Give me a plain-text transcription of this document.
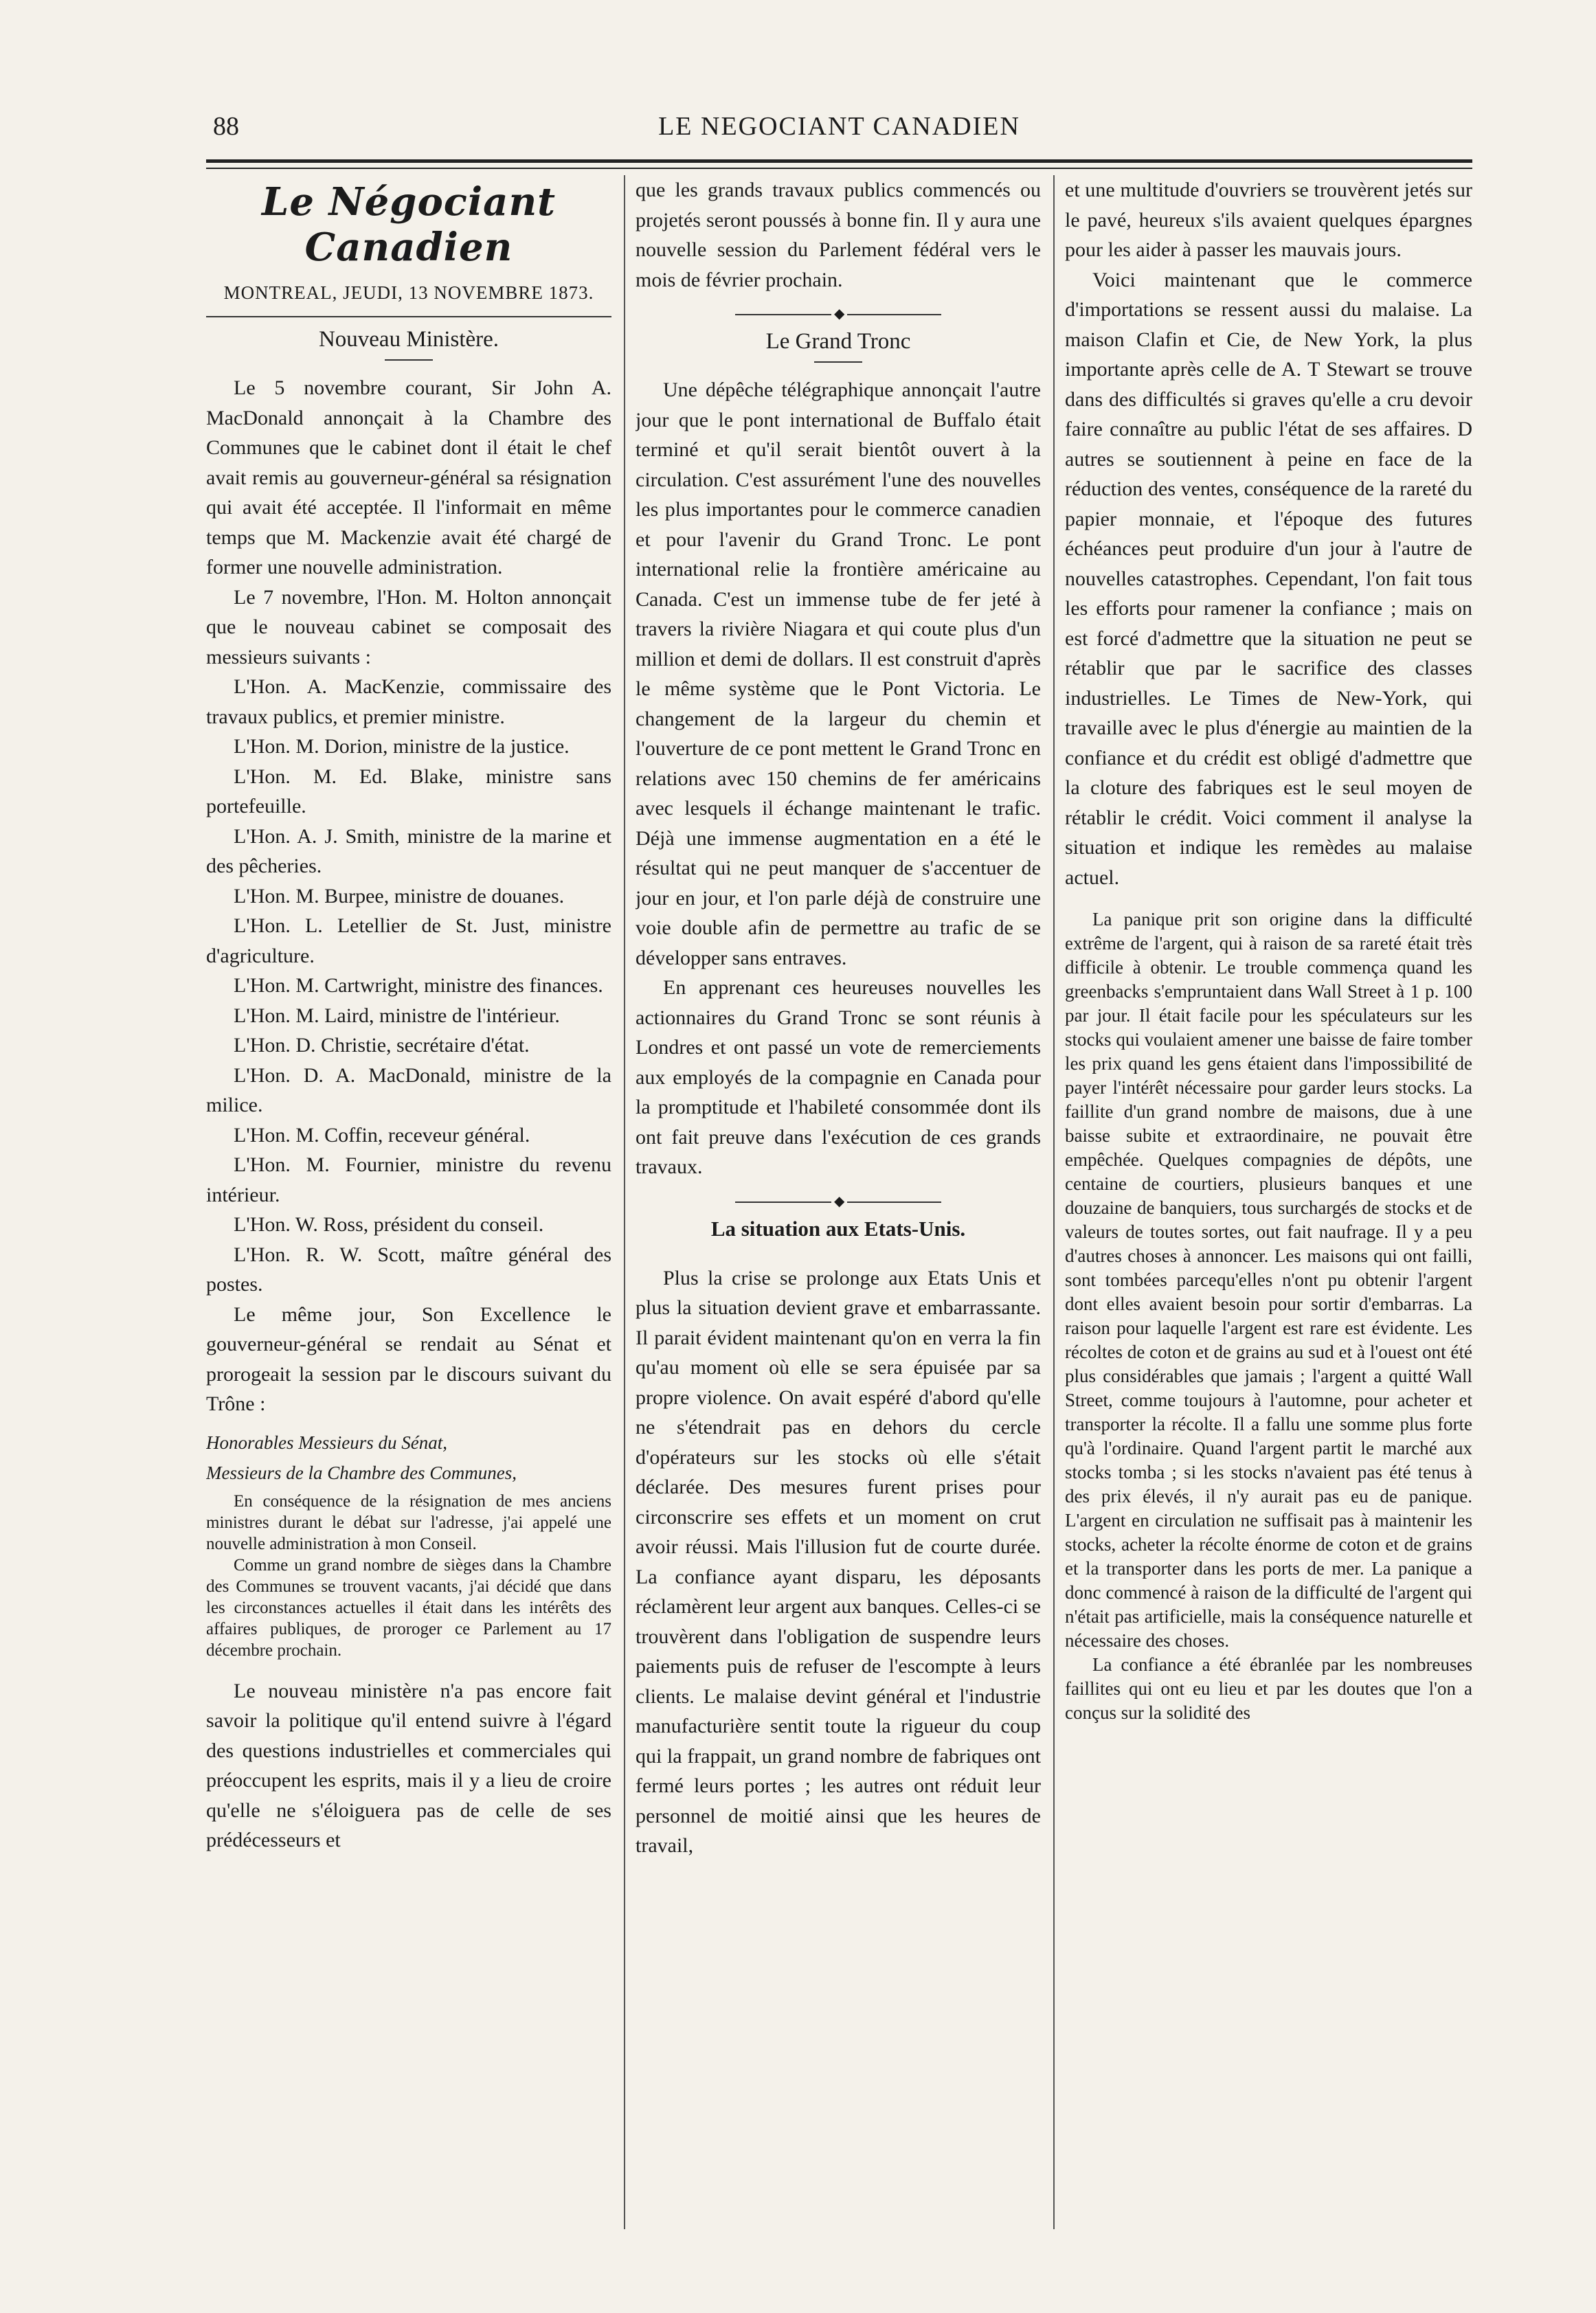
88	LE NEGOCIANT CANADIEN
Le Négociant Canadien
MONTREAL, JEUDI, 13 NOVEMBRE 1873.
Nouveau Ministère.

Le 5 novembre courant, Sir John A. MacDonald annonçait à la Chambre des Communes que le cabinet dont il était le chef avait remis au gouverneur-général sa résignation qui avait été acceptée. Il l'informait en même temps que M. Mackenzie avait été chargé de former une nouvelle administration.

Le 7 novembre, l'Hon. M. Holton annonçait que le nouveau cabinet se composait des messieurs suivants :

L'Hon. A. MacKenzie, commissaire des travaux publics, et premier ministre.

L'Hon. M. Dorion, ministre de la justice.

L'Hon. M. Ed. Blake, ministre sans portefeuille.

L'Hon. A. J. Smith, ministre de la marine et des pêcheries.

L'Hon. M. Burpee, ministre de douanes.

L'Hon. L. Letellier de St. Just, ministre d'agriculture.

L'Hon. M. Cartwright, ministre des finances.

L'Hon. M. Laird, ministre de l'intérieur.

L'Hon. D. Christie, secrétaire d'état.

L'Hon. D. A. MacDonald, ministre de la milice.

L'Hon. M. Coffin, receveur général.

L'Hon. M. Fournier, ministre du revenu intérieur.

L'Hon. W. Ross, président du conseil.

L'Hon. R. W. Scott, maître général des postes.

Le même jour, Son Excellence le gouverneur-général se rendait au Sénat et prorogeait la session par le discours suivant du Trône :

Honorables Messieurs du Sénat,

Messieurs de la Chambre des Communes,

En conséquence de la résignation de mes anciens ministres durant le débat sur l'adresse, j'ai appelé une nouvelle administration à mon Conseil.

Comme un grand nombre de sièges dans la Chambre des Communes se trouvent vacants, j'ai décidé que dans les circonstances actuelles il était dans les intérêts des affaires publiques, de proroger ce Parlement au 17 décembre prochain.

Le nouveau ministère n'a pas encore fait savoir la politique qu'il entend suivre à l'égard des questions industrielles et commerciales qui préoccupent les esprits, mais il y a lieu de croire qu'elle ne s'éloiguera pas de celle de ses prédécesseurs et

que les grands travaux publics commencés ou projetés seront poussés à bonne fin. Il y aura une nouvelle session du Parlement fédéral vers le mois de février prochain.

◆
Le Grand Tronc

Une dépêche télégraphique annonçait l'autre jour que le pont international de Buffalo était terminé et qu'il serait bientôt ouvert à la circulation. C'est assurément l'une des nouvelles les plus importantes pour le commerce canadien et pour l'avenir du Grand Tronc. Le pont international relie la frontière américaine au Canada. C'est un immense tube de fer jeté à travers la rivière Niagara et qui coute plus d'un million et demi de dollars. Il est construit d'après le même système que le Pont Victoria. Le changement de la largeur du chemin et l'ouverture de ce pont mettent le Grand Tronc en relations avec 150 chemins de fer américains avec lesquels il échange maintenant le trafic. Déjà une immense augmentation en a été le résultat qui ne peut manquer de s'accentuer de jour en jour, et l'on parle déjà de construire une voie double afin de permettre au trafic de se développer sans entraves.

En apprenant ces heureuses nouvelles les actionnaires du Grand Tronc se sont réunis à Londres et ont passé un vote de remerciements aux employés de la compagnie en Canada pour la promptitude et l'habileté consommée dont ils ont fait preuve dans l'exécution de ces grands travaux.

◆
La situation aux Etats-Unis.

Plus la crise se prolonge aux Etats Unis et plus la situation devient grave et embarrassante. Il parait évident maintenant qu'on en verra la fin qu'au moment où elle se sera épuisée par sa propre violence. On avait espéré d'abord qu'elle ne s'étendrait pas en dehors du cercle d'opérateurs sur les stocks où elle s'était déclarée. Des mesures furent prises pour circonscrire ses effets et un moment on crut avoir réussi. Mais l'illusion fut de courte durée. La confiance ayant disparu, les déposants réclamèrent leur argent aux banques. Celles-ci se trouvèrent dans l'obligation de suspendre leurs paiements puis de refuser de l'escompte à leurs clients. Le malaise devint général et l'industrie manufacturière sentit toute la rigueur du coup qui la frappait, un grand nombre de fabriques ont fermé leurs portes ; les autres ont réduit leur personnel de moitié ainsi que les heures de travail,

et une multitude d'ouvriers se trouvèrent jetés sur le pavé, heureux s'ils avaient quelques épargnes pour les aider à passer les mauvais jours.

Voici maintenant que le commerce d'importations se ressent aussi du malaise. La maison Clafin et Cie, de New York, la plus importante après celle de A. T Stewart se trouve dans des difficultés si graves qu'elle a cru devoir faire connaître au public l'état de ses affaires. D autres se soutiennent à peine en face de la réduction des ventes, conséquence de la rareté du papier monnaie, et l'époque des futures échéances peut produire d'un jour à l'autre de nouvelles catastrophes. Cependant, l'on fait tous les efforts pour ramener la confiance ; mais on est forcé d'admettre que la situation ne peut se rétablir que par le sacrifice des classes industrielles. Le Times de New-York, qui travaille avec le plus d'énergie au maintien de la confiance et du crédit est obligé d'admettre que la cloture des fabriques est le seul moyen de rétablir le crédit. Voici comment il analyse la situation et indique les remèdes au malaise actuel.

La panique prit son origine dans la difficulté extrême de l'argent, qui à raison de sa rareté était très difficile à obtenir. Le trouble commença quand les greenbacks s'empruntaient dans Wall Street à 1 p. 100 par jour. Il était facile pour les spéculateurs sur les stocks qui voulaient amener une baisse de faire tomber les prix quand les gens étaient dans l'impossibilité de payer l'intérêt nécessaire pour garder leurs stocks. La faillite d'un grand nombre de maisons, due à une baisse subite et extraordinaire, ne pouvait être empêchée. Quelques compagnies de dépôts, une centaine de courtiers, plusieurs banques et une douzaine de banquiers, tous surchargés de stocks et de valeurs de toutes sortes, out fait naufrage. Il y a peu d'autres choses à annoncer. Les maisons qui ont failli, sont tombées parcequ'elles n'ont pu obtenir l'argent dont elles avaient besoin pour sortir d'embarras. La raison pour laquelle l'argent est rare est évidente. Les récoltes de coton et de grains au sud et à l'ouest ont été plus considérables que jamais ; l'argent a quitté Wall Street, comme toujours à l'automne, pour acheter et transporter la récolte. Il a fallu une somme plus forte qu'à l'ordinaire. Quand l'argent partit le marché aux stocks tomba ; si les stocks n'avaient pas été tenus à des prix élevés, il n'y aurait pas eu de panique. L'argent en circulation ne suffisait pas à maintenir les stocks, acheter la récolte énorme de coton et de grains et la transporter dans les ports de mer. La panique a donc commencé à raison de la difficulté de l'argent qui n'était pas artificielle, mais la conséquence naturelle et nécessaire des choses.

La confiance a été ébranlée par les nombreuses faillites qui ont eu lieu et par les doutes que l'on a conçus sur la solidité des
